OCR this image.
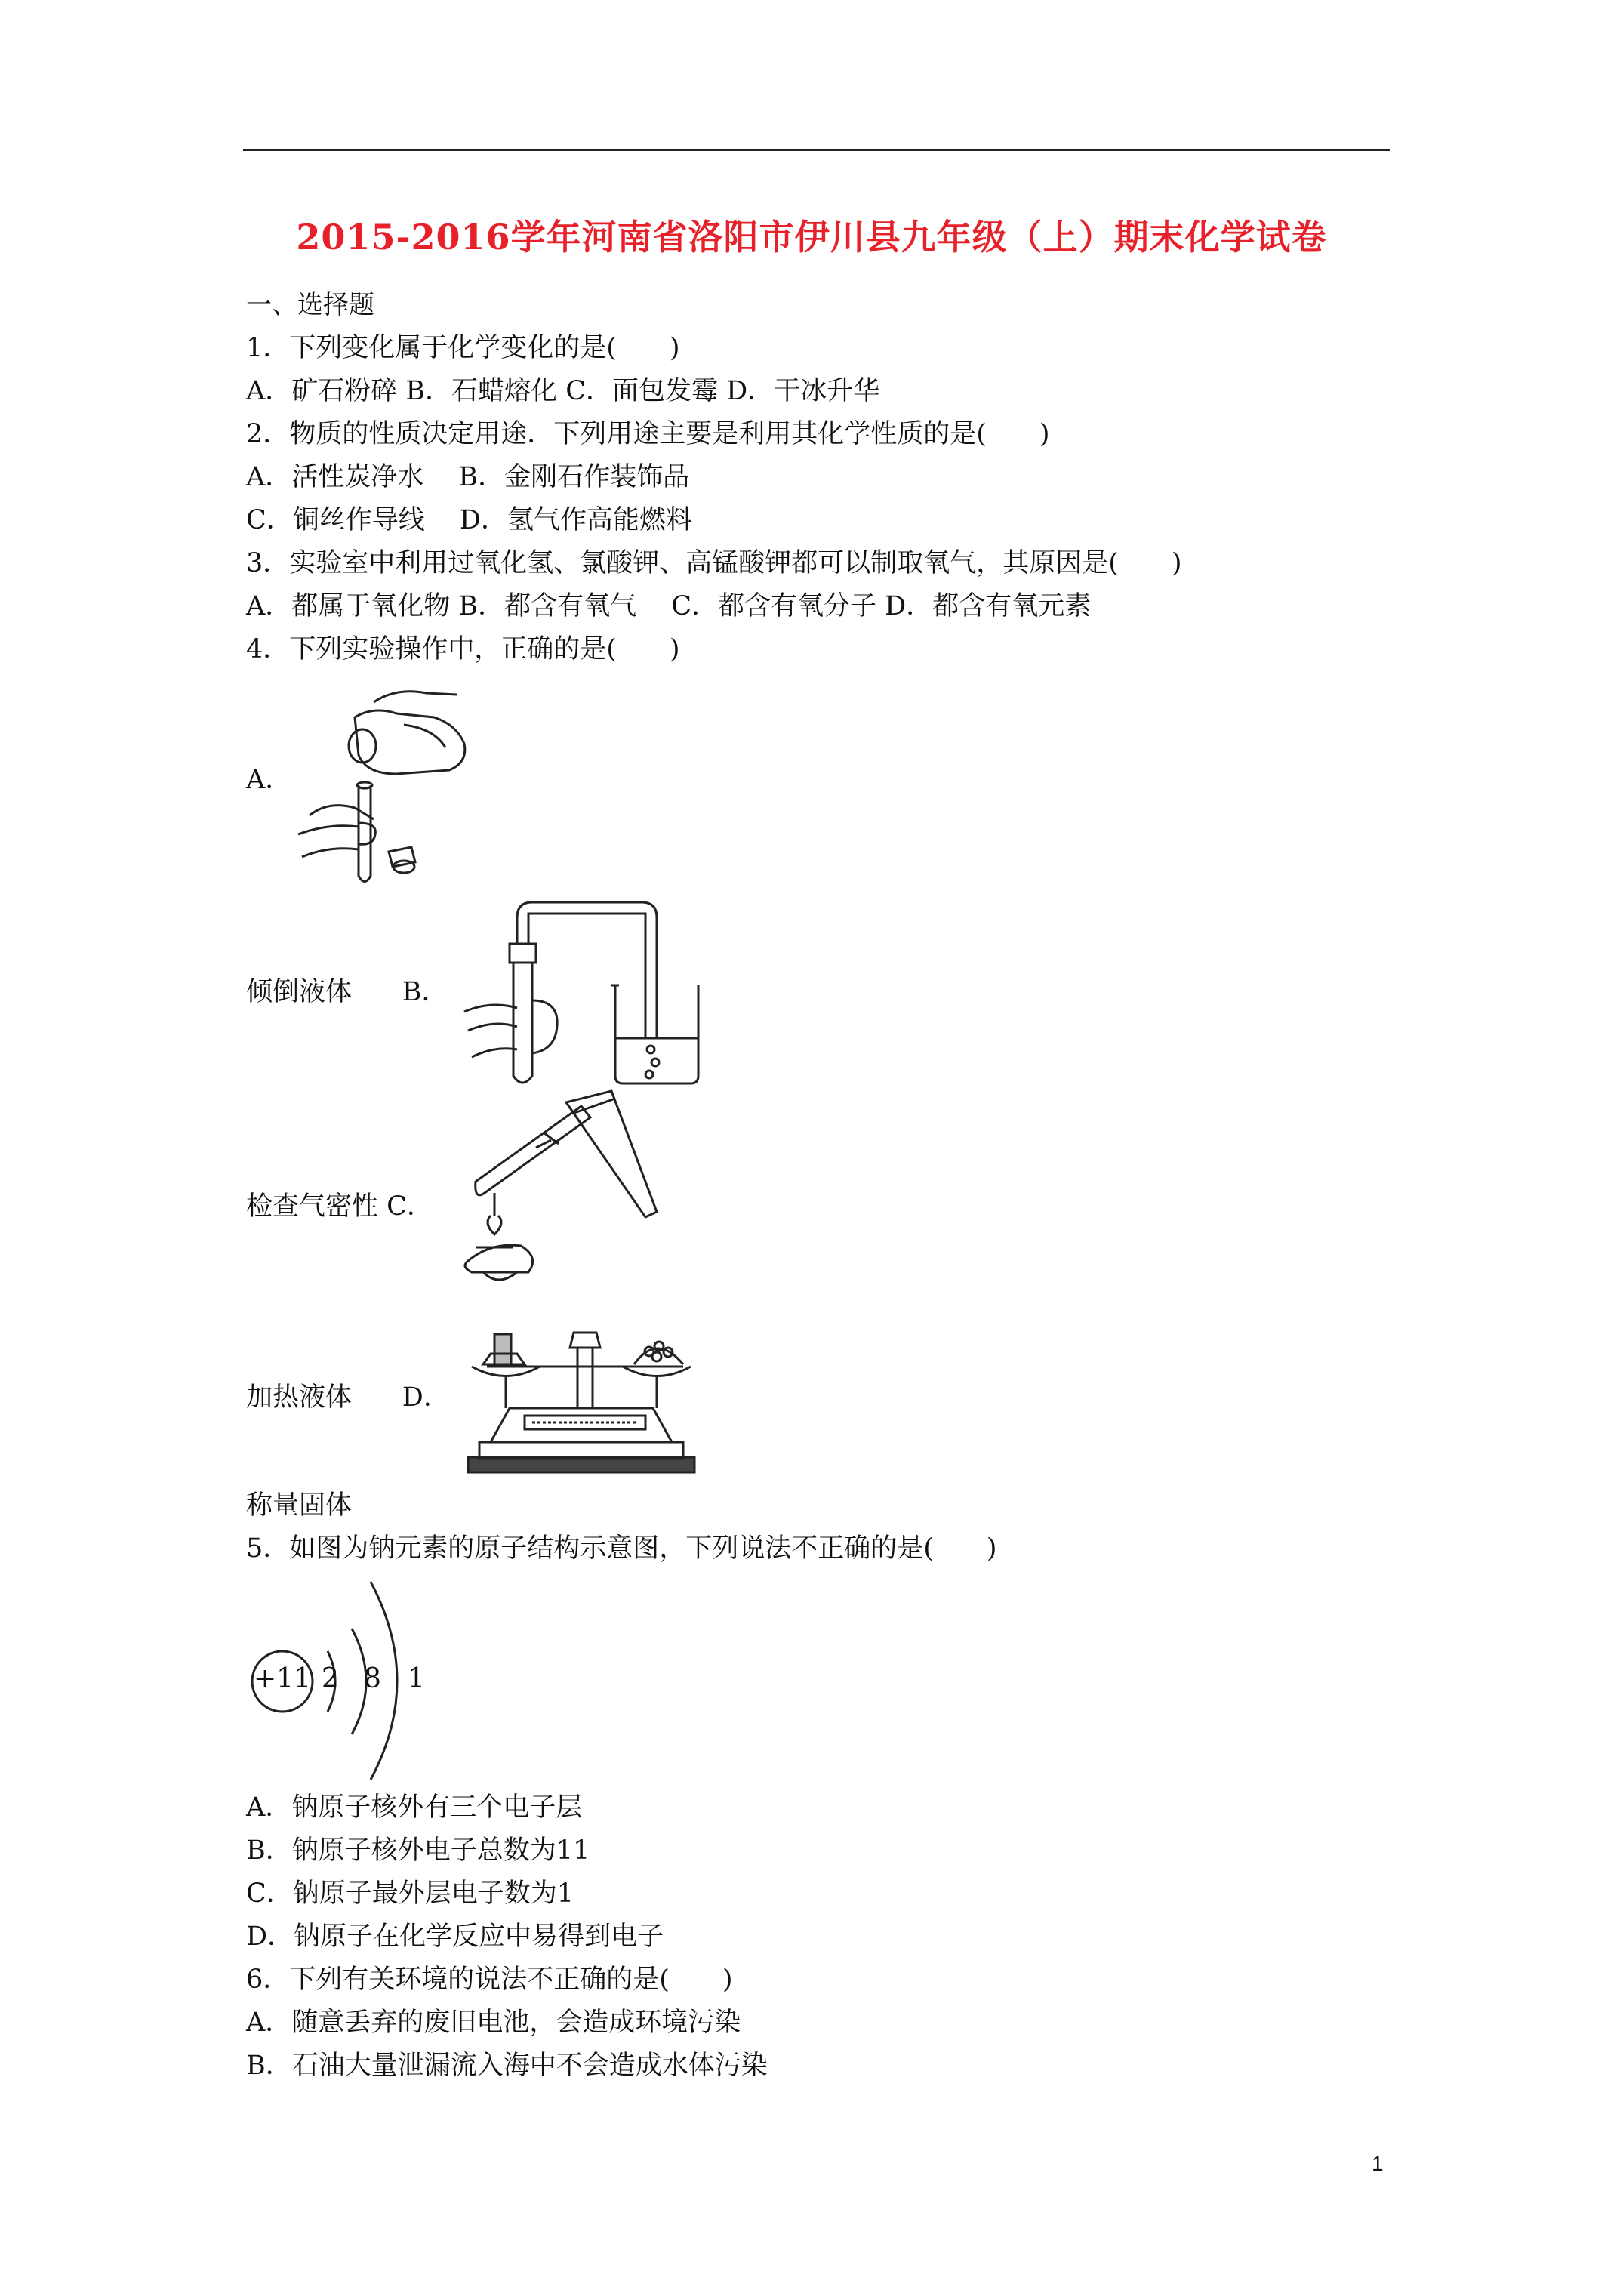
2015-2016学年河南省洛阳市伊川县九年级（上）期末化学试卷
一、选择题
1．下列变化属于化学变化的是(　　)
A．矿石粉碎 B．石蜡熔化 C．面包发霉 D．干冰升华
2．物质的性质决定用途．下列用途主要是利用其化学性质的是(　　)
A．活性炭净水　 B．金刚石作装饰品
C．铜丝作导线　 D．氢气作高能燃料
3．实验室中利用过氧化氢、氯酸钾、高锰酸钾都可以制取氧气，其原因是(　　)
A．都属于氧化物 B．都含有氧气　 C．都含有氧分子 D．都含有氧元素
4．下列实验操作中，正确的是(　　)
A．
倾倒液体 B．
检查气密性 C．
加热液体 D．
称量固体
5．如图为钠元素的原子结构示意图，下列说法不正确的是(　　)
+11 2 8 1
A．钠原子核外有三个电子层
B．钠原子核外电子总数为11
C．钠原子最外层电子数为1
D．钠原子在化学反应中易得到电子
6．下列有关环境的说法不正确的是(　　)
A．随意丢弃的废旧电池，会造成环境污染
B．石油大量泄漏流入海中不会造成水体污染
1
